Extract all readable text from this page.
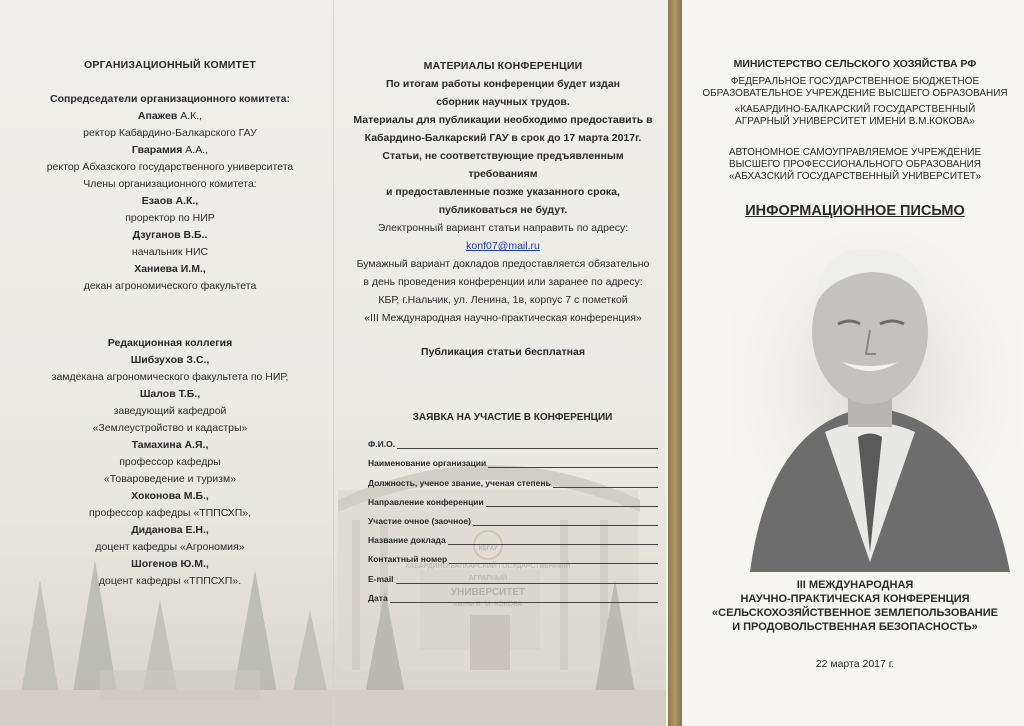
КАБАРДИНО-БАЛКАРСКИЙ ГОСУДАРСТВЕННЫЙ
АГРАРНЫЙ
УНИВЕРСИТЕТ
имени В. М. КОКОВА
КБГАУ

ОРГАНИЗАЦИОННЫЙ КОМИТЕТ

Сопредседатели организационного комитета:

Апажев А.К.,

ректор Кабардино-Балкарского ГАУ

Гварамия А.А.,

ректор Абхазского государственного университета

Члены организационного комитета:

Езаов А.К.,

проректор по НИР

Дзуганов В.Б..

начальник НИС

Ханиева И.М.,

декан агрономического факультета

Редакционная коллегия

Шибзухов З.С.,

замдекана агрономического факультета по НИР,

Шалов Т.Б.,

заведующий кафедрой

«Землеустройство и кадастры»

Тамахина А.Я.,

профессор кафедры

«Товароведение и туризм»

Хоконова М.Б.,

профессор кафедры «ТППСХП»,

Диданова Е.Н.,

доцент кафедры «Агрономия»

Шогенов Ю.М.,

доцент кафедры «ТППСХП».

МАТЕРИАЛЫ КОНФЕРЕНЦИИ

По итогам работы конференции будет издан

сборник научных трудов.

Материалы для публикации необходимо предоставить в

Кабардино-Балкарский ГАУ в срок до 17 марта 2017г.

Статьи, не соответствующие предъявленным требованиям

и предоставленные позже указанного срока,

публиковаться не будут.

Электронный вариант статьи направить по адресу:

konf07@mail.ru

Бумажный вариант докладов предоставляется обязательно

в день проведения конференции или заранее по адресу:

КБР, г.Нальчик, ул. Ленина, 1в, корпус 7 с пометкой

«III Международная научно-практическая конференция»

Публикация статьи бесплатная

ЗАЯВКА НА УЧАСТИЕ В КОНФЕРЕНЦИИ
Ф.И.О.
Наименование организации
Должность, ученое звание, ученая степень
Направление конференции
Участие очное (заочное)
Название доклада
Контактный номер
E-mail
Дата
МИНИСТЕРСТВО СЕЛЬСКОГО ХОЗЯЙСТВА РФ

ФЕДЕРАЛЬНОЕ ГОСУДАРСТВЕННОЕ БЮДЖЕТНОЕ

ОБРАЗОВАТЕЛЬНОЕ УЧРЕЖДЕНИЕ ВЫСШЕГО ОБРАЗОВАНИЯ

«КАБАРДИНО-БАЛКАРСКИЙ ГОСУДАРСТВЕННЫЙ

АГРАРНЫЙ УНИВЕРСИТЕТ ИМЕНИ В.М.КОКОВА»

АВТОНОМНОЕ САМОУПРАВЛЯЕМОЕ УЧРЕЖДЕНИЕ

ВЫСШЕГО ПРОФЕССИОНАЛЬНОГО ОБРАЗОВАНИЯ

«АБХАЗСКИЙ ГОСУДАРСТВЕННЫЙ УНИВЕРСИТЕТ»

ИНФОРМАЦИОННОЕ ПИСЬМО

III МЕЖДУНАРОДНАЯ

НАУЧНО-ПРАКТИЧЕСКАЯ КОНФЕРЕНЦИЯ

«СЕЛЬСКОХОЗЯЙСТВЕННОЕ ЗЕМЛЕПОЛЬЗОВАНИЕ

И ПРОДОВОЛЬСТВЕННАЯ БЕЗОПАСНОСТЬ»

22 марта 2017 г.
